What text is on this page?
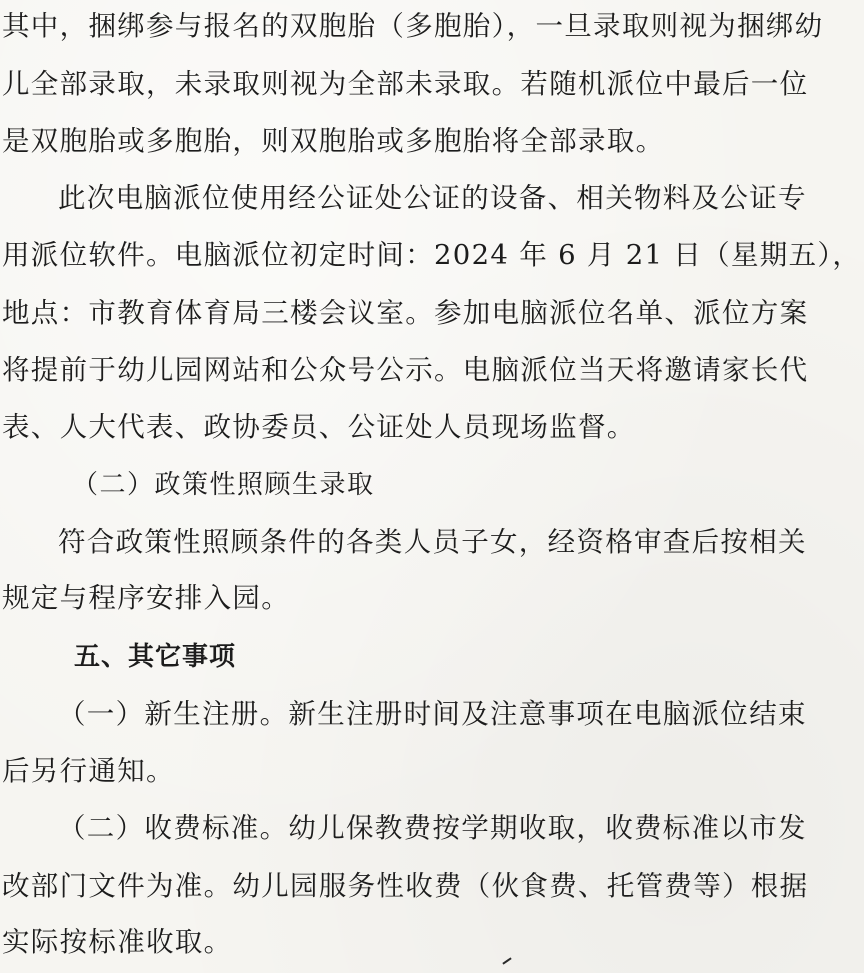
其中，捆绑参与报名的双胞胎（多胞胎），一旦录取则视为捆绑幼
儿全部录取，未录取则视为全部未录取。若随机派位中最后一位
是双胞胎或多胞胎，则双胞胎或多胞胎将全部录取。
此次电脑派位使用经公证处公证的设备、相关物料及公证专
用派位软件。电脑派位初定时间：2024 年 6 月 21 日（星期五），
地点：市教育体育局三楼会议室。参加电脑派位名单、派位方案
将提前于幼儿园网站和公众号公示。电脑派位当天将邀请家长代
表、人大代表、政协委员、公证处人员现场监督。
（二）政策性照顾生录取
符合政策性照顾条件的各类人员子女，经资格审查后按相关
规定与程序安排入园。
五、其它事项
（一）新生注册。新生注册时间及注意事项在电脑派位结束
后另行通知。
（二）收费标准。幼儿保教费按学期收取，收费标准以市发
改部门文件为准。幼儿园服务性收费（伙食费、托管费等）根据
实际按标准收取。
